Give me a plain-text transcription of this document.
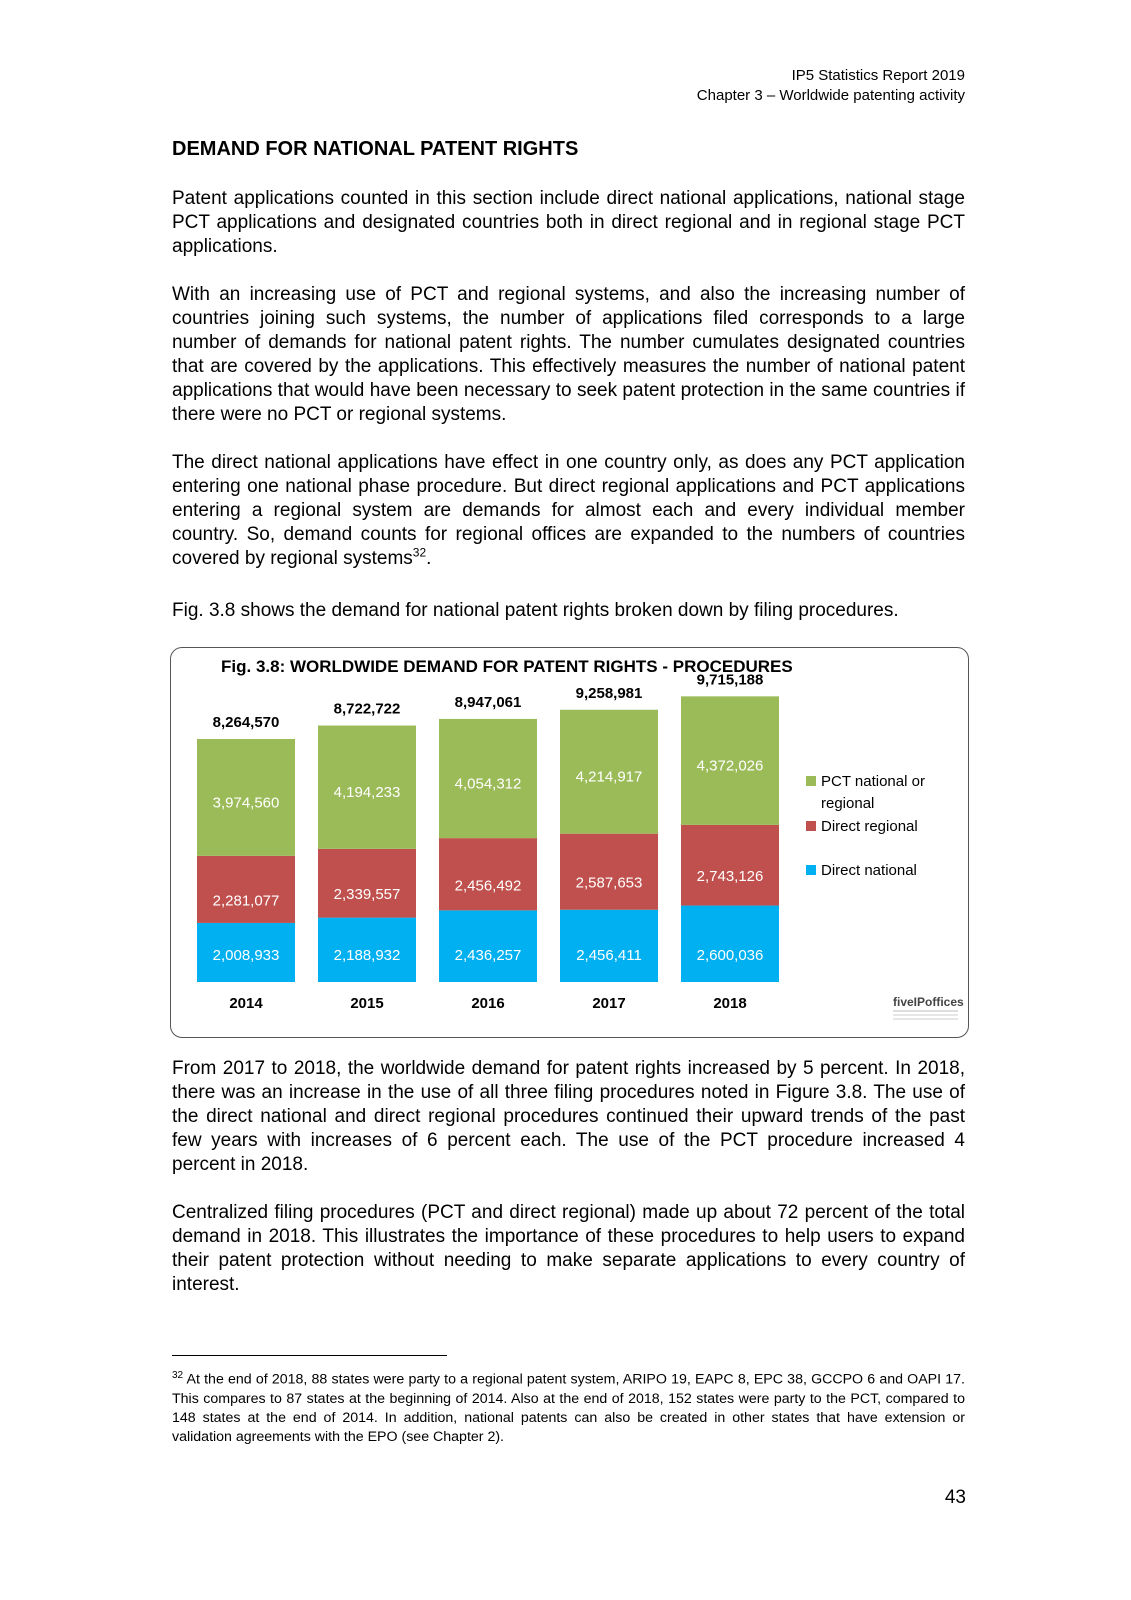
IP5 Statistics Report 2019
Chapter 3 – Worldwide patenting activity
DEMAND FOR NATIONAL PATENT RIGHTS

Patent applications counted in this section include direct national applications, national stage PCT applications and designated countries both in direct regional and in regional stage PCT applications.

With an increasing use of PCT and regional systems, and also the increasing number of countries joining such systems, the number of applications filed corresponds to a large number of demands for national patent rights. The number cumulates designated countries that are covered by the applications. This effectively measures the number of national patent applications that would have been necessary to seek patent protection in the same countries if there were no PCT or regional systems.

The direct national applications have effect in one country only, as does any PCT application entering one national phase procedure. But direct regional applications and PCT applications entering a regional system are demands for almost each and every individual member country. So, demand counts for regional offices are expanded to the numbers of countries covered by regional systems$^{32}$.

Fig. 3.8 shows the demand for national patent rights broken down by filing procedures.

Fig. 3.8: WORLDWIDE DEMAND FOR PATENT RIGHTS - PROCEDURES
2,008,933
2,281,077
3,974,560
8,264,570
2014
2,188,932
2,339,557
4,194,233
8,722,722
2015
2,436,257
2,456,492
4,054,312
8,947,061
2016
2,456,411
2,587,653
4,214,917
9,258,981
2017
2,600,036
2,743,126
4,372,026
9,715,188
2018
PCT national or
regional
Direct regional
Direct national
fiveIPoffices

From 2017 to 2018, the worldwide demand for patent rights increased by 5 percent. In 2018, there was an increase in the use of all three filing procedures noted in Figure 3.8. The use of the direct national and direct regional procedures continued their upward trends of the past few years with increases of 6 percent each. The use of the PCT procedure increased 4 percent in 2018.

Centralized filing procedures (PCT and direct regional) made up about 72 percent of the total demand in 2018. This illustrates the importance of these procedures to help users to expand their patent protection without needing to make separate applications to every country of interest.

$^{32}$ At the end of 2018, 88 states were party to a regional patent system, ARIPO 19, EAPC 8, EPC 38, GCCPO 6 and OAPI 17. This compares to 87 states at the beginning of 2014. Also at the end of 2018, 152 states were party to the PCT, compared to 148 states at the end of 2014. In addition, national patents can also be created in other states that have extension or validation agreements with the EPO (see Chapter 2).

43
